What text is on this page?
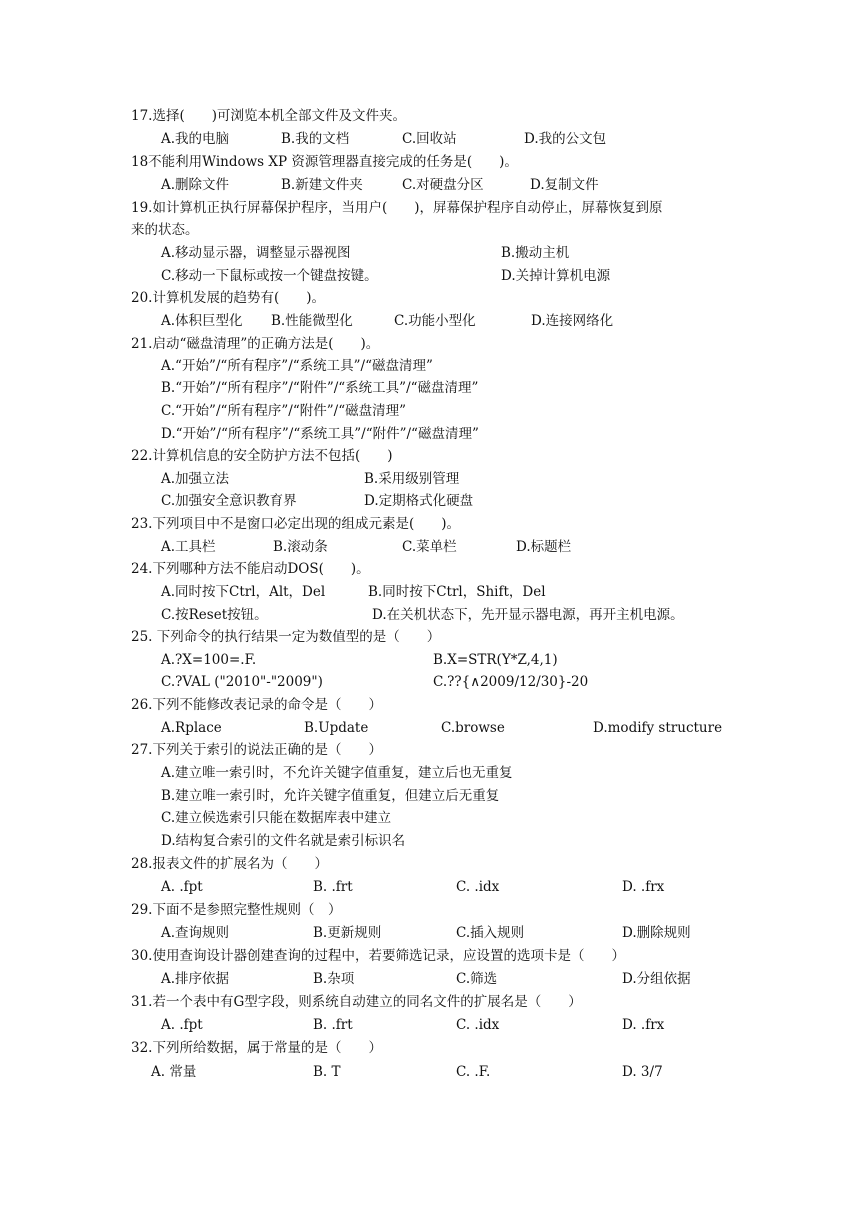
17.选择(　　)可浏览本机全部文件及文件夹。
A.我的电脑	B.我的文档	C.回收站	D.我的公文包
18不能利用Windows XP 资源管理器直接完成的任务是(　　)。
A.删除文件	B.新建文件夹	C.对硬盘分区	D.复制文件
19.如计算机正执行屏幕保护程序，当用户(　　)，屏幕保护程序自动停止，屏幕恢复到原
来的状态。
A.移动显示器，调整显示器视图	B.搬动主机
C.移动一下鼠标或按一个键盘按键。	D.关掉计算机电源
20.计算机发展的趋势有(　　)。
A.体积巨型化 B.性能微型化	C.功能小型化	D.连接网络化
21.启动“磁盘清理”的正确方法是(　　)。
A.“开始”/“所有程序”/“系统工具”/“磁盘清理”
B.“开始”/“所有程序”/“附件”/“系统工具”/“磁盘清理”
C.“开始”/“所有程序”/“附件”/“磁盘清理”
D.“开始”/“所有程序”/“系统工具”/“附件”/“磁盘清理”
22.计算机信息的安全防护方法不包括(　　)
A.加强立法	B.采用级别管理
C.加强安全意识教育界	D.定期格式化硬盘
23.下列项目中不是窗口必定出现的组成元素是(　　)。
A.工具栏	B.滚动条	C.菜单栏	D.标题栏
24.下列哪种方法不能启动DOS(　　)。
A.同时按下Ctrl，Alt，Del	B.同时按下Ctrl，Shift，Del
C.按Reset按钮。	D.在关机状态下，先开显示器电源，再开主机电源。
25. 下列命令的执行结果一定为数值型的是（　　）
A.?X=100=.F.	B.X=STR(Y*Z,4,1)
C.?VAL ("2010"-"2009")	C.??{∧2009/12/30}-20
26.下列不能修改表记录的命令是（　　）
A.Rplace	B.Update	C.browse	D.modify structure
27.下列关于索引的说法正确的是（　　）
A.建立唯一索引时，不允许关键字值重复，建立后也无重复
B.建立唯一索引时，允许关键字值重复，但建立后无重复
C.建立候选索引只能在数据库表中建立
D.结构复合索引的文件名就是索引标识名
28.报表文件的扩展名为（　　）
A. .fpt	B. .frt	C. .idx	D. .frx
29.下面不是参照完整性规则（　）
A.查询规则	B.更新规则	C.插入规则	D.删除规则
30.使用查询设计器创建查询的过程中，若要筛选记录，应设置的选项卡是（　　）
A.排序依据	B.杂项	C.筛选	D.分组依据
31.若一个表中有G型字段，则系统自动建立的同名文件的扩展名是（　　）
A. .fpt	B. .frt	C. .idx	D. .frx
32.下列所给数据，属于常量的是（　　）
A. 常量	B. T	C. .F.	D. 3/7
